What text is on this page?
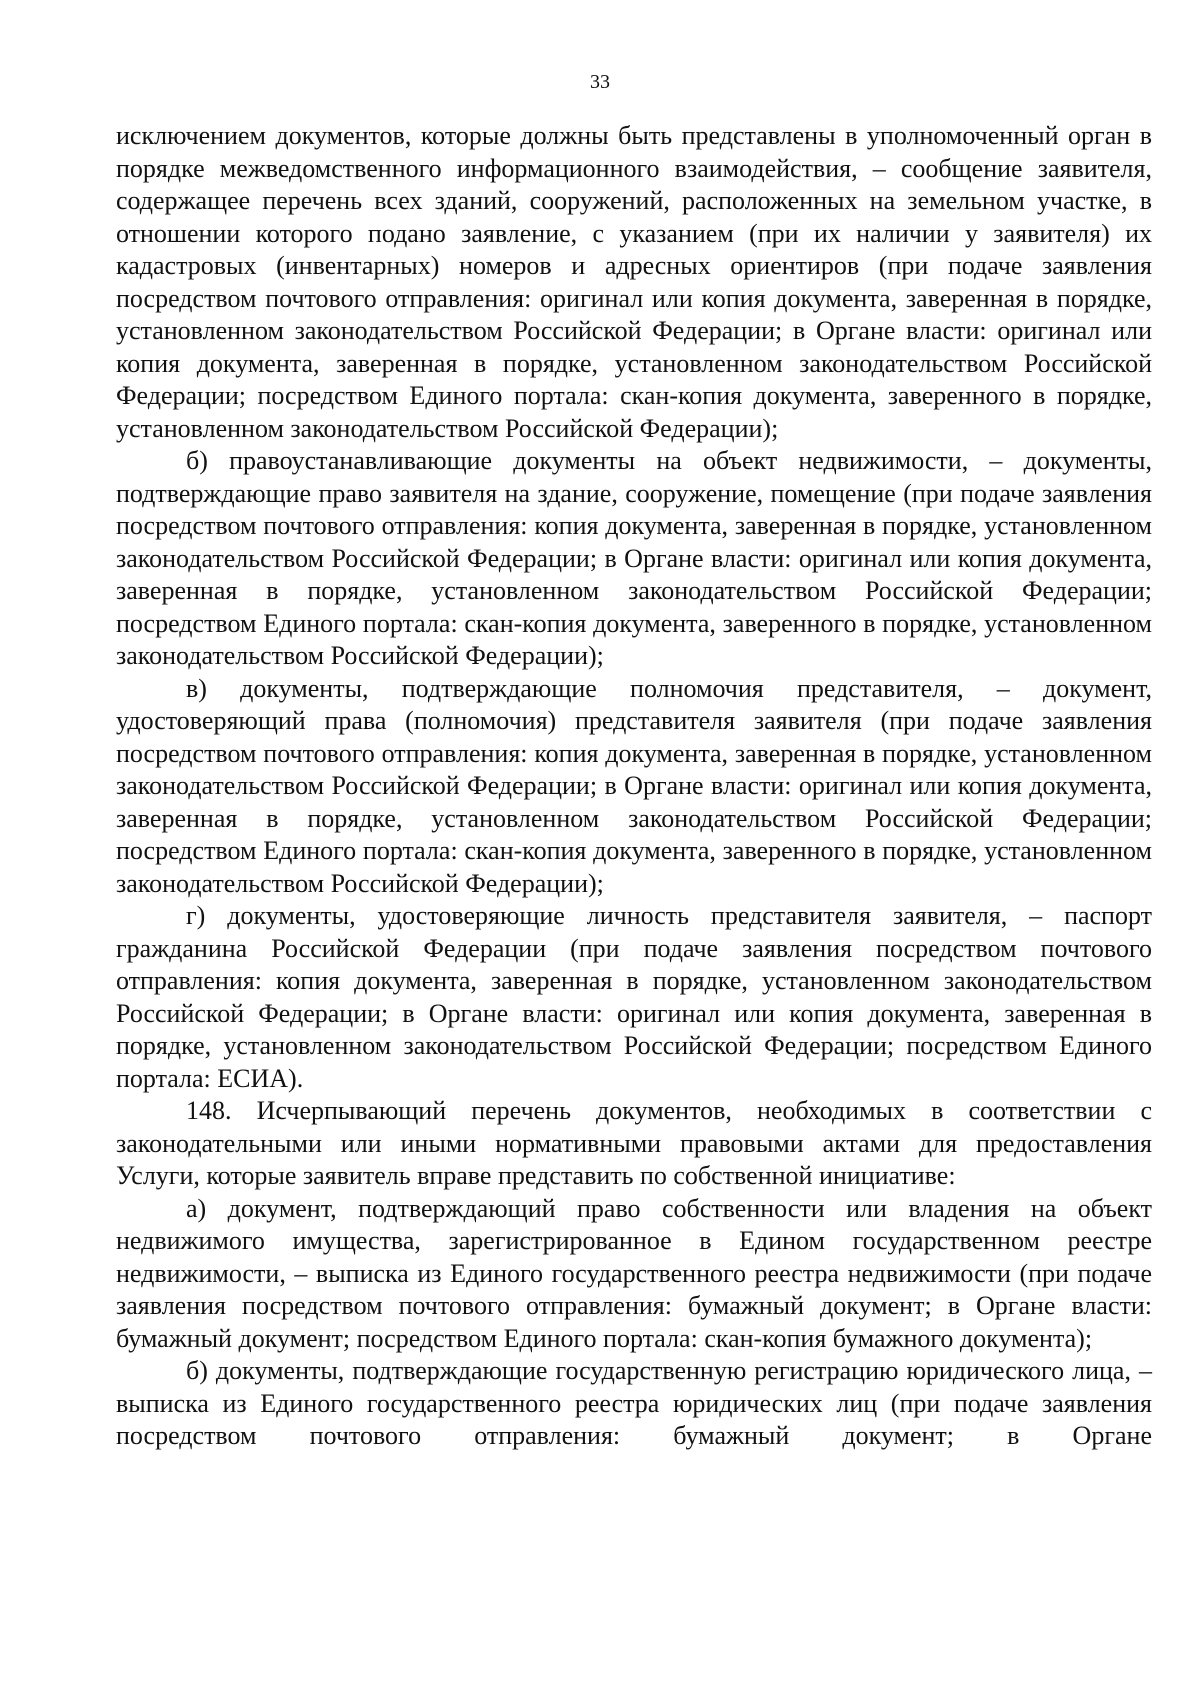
33

исключением документов, которые должны быть представлены в уполномоченный орган в порядке межведомственного информационного взаимодействия, – сообщение заявителя, содержащее перечень всех зданий, сооружений, расположенных на земельном участке, в отношении которого подано заявление, с указанием (при их наличии у заявителя) их кадастровых (инвентарных) номеров и адресных ориентиров (при подаче заявления посредством почтового отправления: оригинал или копия документа, заверенная в порядке, установленном законодательством Российской Федерации; в Органе власти: оригинал или копия документа, заверенная в порядке, установленном законодательством Российской Федерации; посредством Единого портала: скан-копия документа, заверенного в порядке, установленном законодательством Российской Федерации);

б) правоустанавливающие документы на объект недвижимости, – документы, подтверждающие право заявителя на здание, сооружение, помещение (при подаче заявления посредством почтового отправления: копия документа, заверенная в порядке, установленном законодательством Российской Федерации; в Органе власти: оригинал или копия документа, заверенная в порядке, установленном законодательством Российской Федерации; посредством Единого портала: скан-копия документа, заверенного в порядке, установленном законодательством Российской Федерации);

в) документы, подтверждающие полномочия представителя, – документ, удостоверяющий права (полномочия) представителя заявителя (при подаче заявления посредством почтового отправления: копия документа, заверенная в порядке, установленном законодательством Российской Федерации; в Органе власти: оригинал или копия документа, заверенная в порядке, установленном законодательством Российской Федерации; посредством Единого портала: скан-копия документа, заверенного в порядке, установленном законодательством Российской Федерации);

г) документы, удостоверяющие личность представителя заявителя, – паспорт гражданина Российской Федерации (при подаче заявления посредством почтового отправления: копия документа, заверенная в порядке, установленном законодательством Российской Федерации; в Органе власти: оригинал или копия документа, заверенная в порядке, установленном законодательством Российской Федерации; посредством Единого портала: ЕСИА).

148. Исчерпывающий перечень документов, необходимых в соответствии с законодательными или иными нормативными правовыми актами для предоставления Услуги, которые заявитель вправе представить по собственной инициативе:

а) документ, подтверждающий право собственности или владения на объект недвижимого имущества, зарегистрированное в Едином государственном реестре недвижимости, – выписка из Единого государственного реестра недвижимости (при подаче заявления посредством почтового отправления: бумажный документ; в Органе власти: бумажный документ; посредством Единого портала: скан-копия бумажного документа);

б) документы, подтверждающие государственную регистрацию юридического лица, – выписка из Единого государственного реестра юридических лиц (при подаче заявления посредством почтового отправления: бумажный документ; в Органе
